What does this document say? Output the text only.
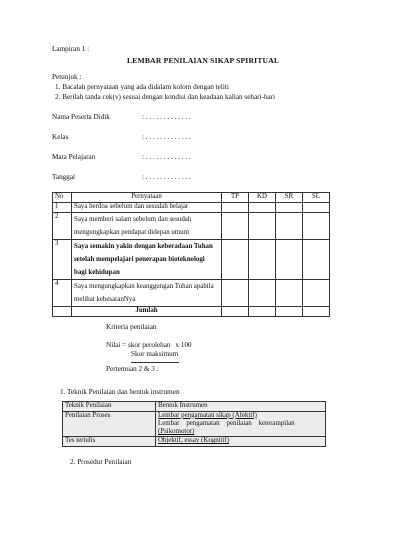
Lampiran 1 :
LEMBAR PENILAIAN SIKAP SPIRITUAL
Petunjuk :
1. Bacalah pernyataan yang ada didalam kolom dengan teliti
2. Berilah tanda cek(v) sesuai dengan kondisi dan keadaan kalian sehari-hari
Nama Peserta Didik	: . . . . . . . . . . . . .
Kelas	: . . . . . . . . . . . . .
Mata Pelajaran	: . . . . . . . . . . . . .
Tanggal	: . . . . . . . . . . . . .
No	Pernyataan	TP	KD	SR	SL
1	Saya berdoa sebelum dan sesudah belajar				
2	Saya memberi salam sebelum dan sesudah mengungkapkan pendapat didepan umum				
3	Saya semakin yakin dengan keberadaan Tuhan setelah mempelajari penerapan bioteknologi bagi kehidupan				
4	Saya mengungkapkan keanggungan Tuhan apabila melihat kebesaranNya				
	Jumlah				
Kriteria penilaian
Nilai = skor perolehan x 100
Skor maksimum
Pertemuan 2 & 3 :
1. Teknik Penilaian dan bentuk instrumen
Teknik Penilaian	Bentuk Instrumen
Penilaian Proses	Lembar pengamatan sikap (Afektif)
Lembar    pengamatan    penilaian    keterampilan
(Psikomotor)

Tes tertulis	Objektif, essay (Kognitif)
2. Prosedur Penilaian
